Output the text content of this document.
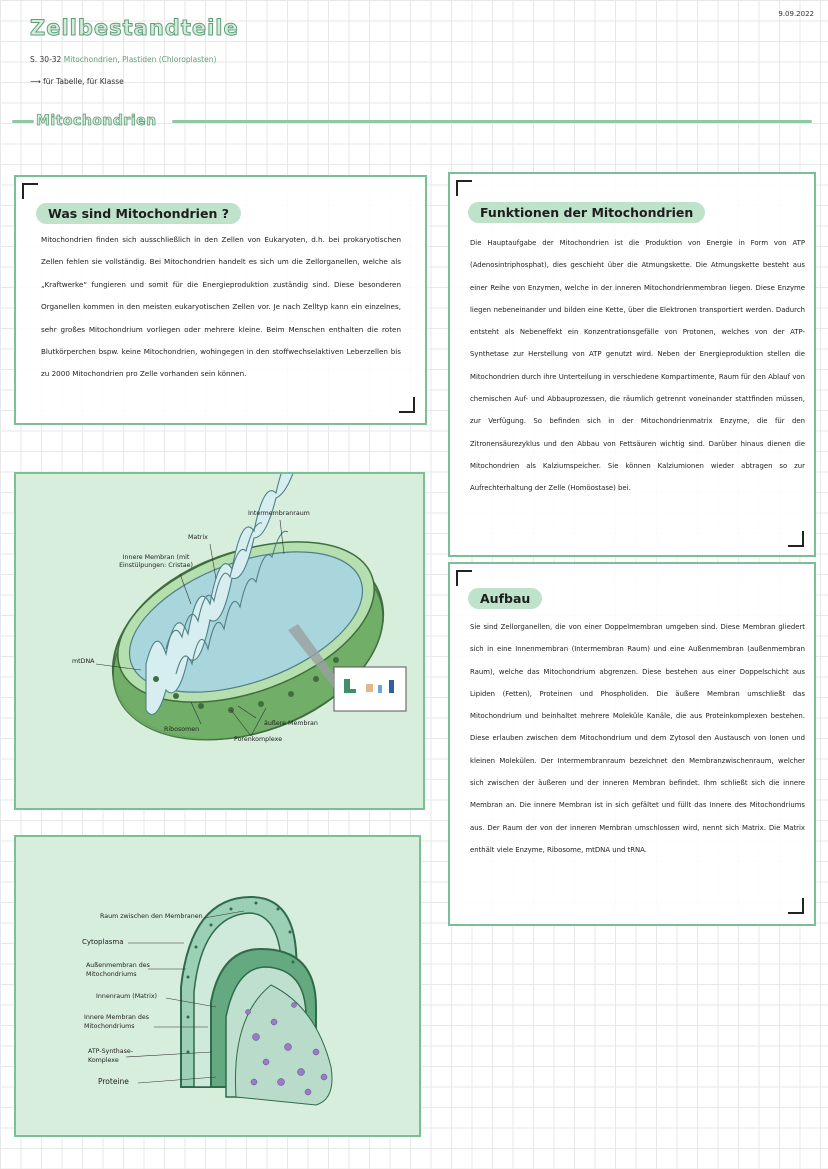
9.09.2022
Zellbestandteile
S. 30-32 Mitochondrien, Plastiden (Chloroplasten)
⟶ für Tabelle, für Klasse
Mitochondrien
Was sind Mitochondrien ?
Mitochondrien finden sich ausschließlich in den Zellen von Eukaryoten, d.h. bei prokaryotischen Zellen fehlen sie vollständig. Bei Mitochondrien handelt es sich um die Zellorganellen, welche als „Kraftwerke“ fungieren und somit für die Energieproduktion zuständig sind. Diese besonderen Organellen kommen in den meisten eukaryotischen Zellen vor. Je nach Zelltyp kann ein einzelnes, sehr großes Mitochondrium vorliegen oder mehrere kleine. Beim Menschen enthalten die roten Blutkörperchen bspw. keine Mitochondrien, wohingegen in den stoffwechselaktiven Leberzellen bis zu 2000 Mitochondrien pro Zelle vorhanden sein können.
Funktionen der Mitochondrien
Die Hauptaufgabe der Mitochondrien ist die Produktion von Energie in Form von ATP (Adenosintriphosphat), dies geschieht über die Atmungskette. Die Atmungskette besteht aus einer Reihe von Enzymen, welche in der inneren Mitochondrienmembran liegen. Diese Enzyme liegen nebeneinander und bilden eine Kette, über die Elektronen transportiert werden. Dadurch entsteht als Nebeneffekt ein Konzentrationsgefälle von Protonen, welches von der ATP-Synthetase zur Herstellung von ATP genutzt wird. Neben der Energieproduktion stellen die Mitochondrien durch ihre Unterteilung in verschiedene Kompartimente, Raum für den Ablauf von chemischen Auf- und Abbauprozessen, die räumlich getrennt voneinander stattfinden müssen, zur Verfügung. So befinden sich in der Mitochondrienmatrix Enzyme, die für den Zitronensäurezyklus und den Abbau von Fettsäuren wichtig sind. Darüber hinaus dienen die Mitochondrien als Kalziumspeicher. Sie können Kalziumionen wieder abtragen so zur Aufrechterhaltung der Zelle (Homöostase) bei.
Aufbau
Sie sind Zellorganellen, die von einer Doppelmembran umgeben sind. Diese Membran gliedert sich in eine Innenmembran (Intermembran Raum) und eine Außenmembran (außenmembran Raum), welche das Mitochondrium abgrenzen. Diese bestehen aus einer Doppelschicht aus Lipiden (Fetten), Proteinen und Phospholiden. Die äußere Membran umschließt das Mitochondrium und beinhaltet mehrere Moleküle Kanäle, die aus Proteinkomplexen bestehen. Diese erlauben zwischen dem Mitochondrium und dem Zytosol den Austausch von Ionen und kleinen Molekülen. Der Intermembranraum bezeichnet den Membranzwischenraum, welcher sich zwischen der äußeren und der inneren Membran befindet. Ihm schließt sich die innere Membran an. Die innere Membran ist in sich gefältet und füllt das Innere des Mitochondriums aus. Der Raum der von der inneren Membran umschlossen wird, nennt sich Matrix. Die Matrix enthält viele Enzyme, Ribosome, mtDNA und tRNA.
Intermembranraum
Matrix
Innere Membran (mit Einstülpungen: Cristae)
mtDNA
Ribosomen
äußere Membran
Porenkomplexe
Raum zwischen den Membranen
Cytoplasma
Außenmembran des Mitochondriums
Innenraum (Matrix)
Innere Membran des Mitochondriums
ATP-Synthase-Komplexe
Proteine
